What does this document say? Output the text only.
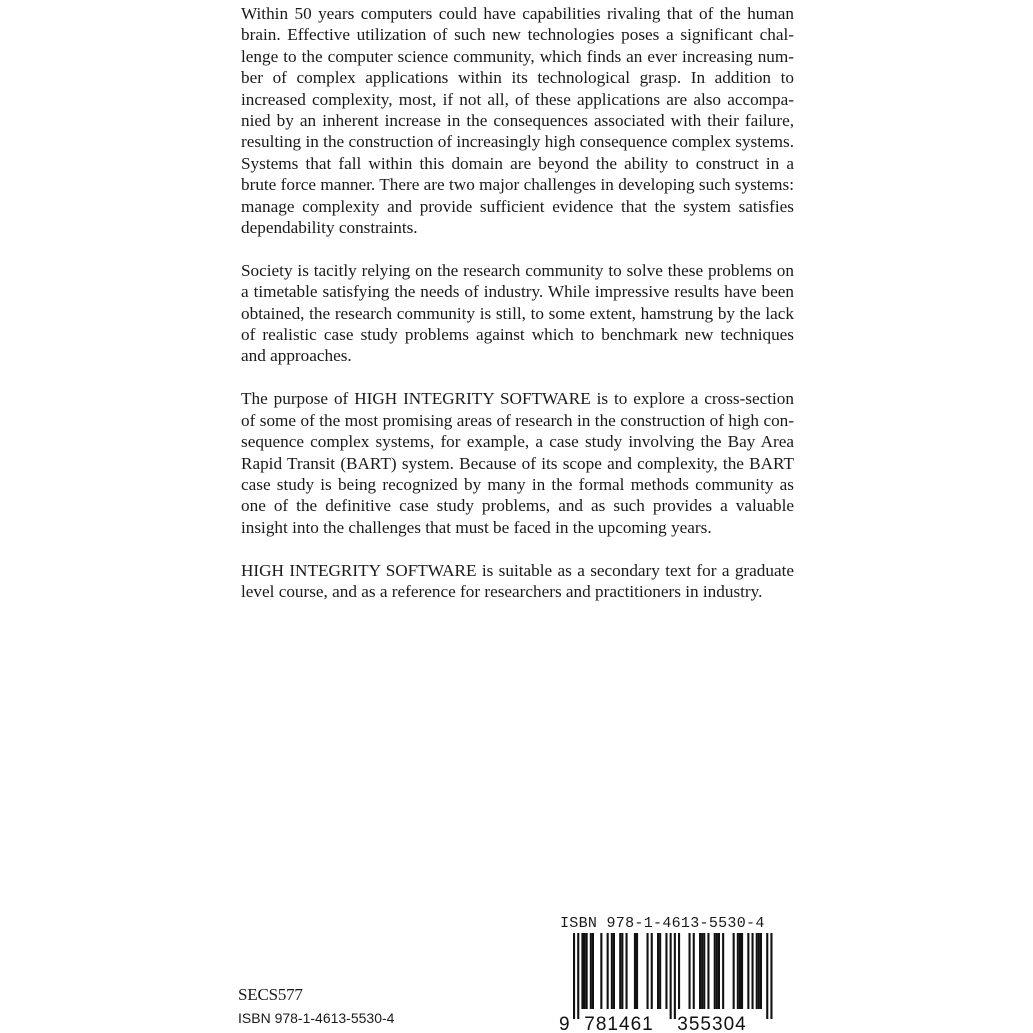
Within 50 years computers could have capabilities rivaling that of the human brain. Effective utilization of such new technologies poses a significant challenge to the computer science community, which finds an ever increasing number of complex applications within its technological grasp. In addition to increased complexity, most, if not all, of these applications are also accompanied by an inherent increase in the consequences associated with their failure, resulting in the construction of increasingly high consequence complex systems. Systems that fall within this domain are beyond the ability to construct in a brute force manner. There are two major challenges in developing such systems: manage complexity and provide sufficient evidence that the system satisfies dependability constraints.

Society is tacitly relying on the research community to solve these problems on a timetable satisfying the needs of industry. While impressive results have been obtained, the research community is still, to some extent, hamstrung by the lack of realistic case study problems against which to benchmark new techniques and approaches.

The purpose of HIGH INTEGRITY SOFTWARE is to explore a cross-section of some of the most promising areas of research in the construction of high consequence complex systems, for example, a case study involving the Bay Area Rapid Transit (BART) system. Because of its scope and complexity, the BART case study is being recognized by many in the formal methods community as one of the definitive case study problems, and as such provides a valuable insight into the challenges that must be faced in the upcoming years.

HIGH INTEGRITY SOFTWARE is suitable as a secondary text for a graduate level course, and as a reference for researchers and practitioners in industry.

SECS577
ISBN 978-1-4613-5530-4
ISBN 978-1-4613-5530-4
9 781461 355304
